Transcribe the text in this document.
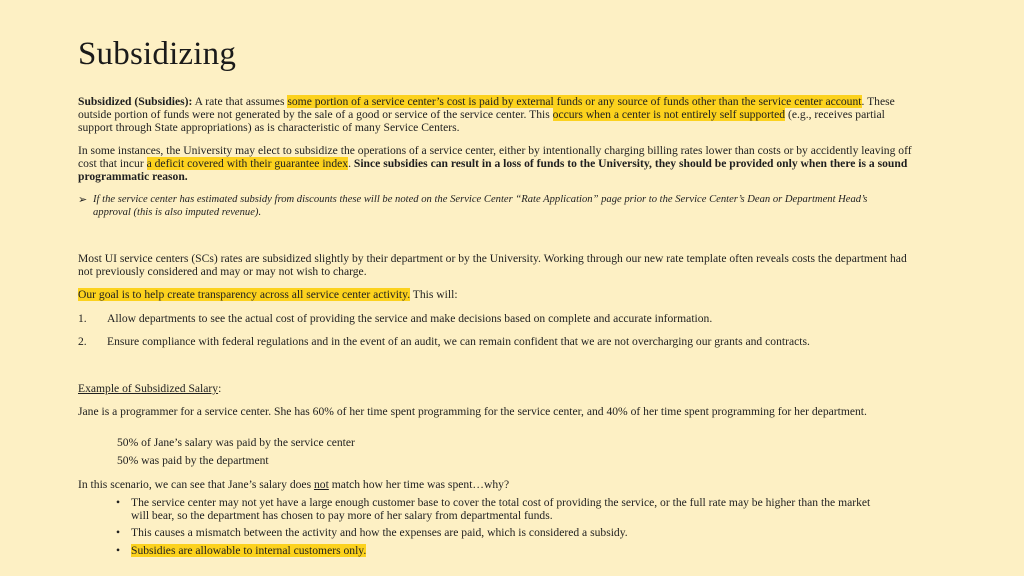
Subsidizing
Subsidized (Subsidies): A rate that assumes some portion of a service center’s cost is paid by external funds or any source of funds other than the service center account. These outside portion of funds were not generated by the sale of a good or service of the service center. This occurs when a center is not entirely self supported (e.g., receives partial support through State appropriations) as is characteristic of many Service Centers.
In some instances, the University may elect to subsidize the operations of a service center, either by intentionally charging billing rates lower than costs or by accidently leaving off cost that incur a deficit covered with their guarantee index. Since subsidies can result in a loss of funds to the University, they should be provided only when there is a sound programmatic reason.
➢ If the service center has estimated subsidy from discounts these will be noted on the Service Center “Rate Application” page prior to the Service Center’s Dean or Department Head’s approval (this is also imputed revenue).
Most UI service centers (SCs) rates are subsidized slightly by their department or by the University. Working through our new rate template often reveals costs the department had not previously considered and may or may not wish to charge.
Our goal is to help create transparency across all service center activity. This will:
1. Allow departments to see the actual cost of providing the service and make decisions based on complete and accurate information.
2. Ensure compliance with federal regulations and in the event of an audit, we can remain confident that we are not overcharging our grants and contracts.
Example of Subsidized Salary:
Jane is a programmer for a service center. She has 60% of her time spent programming for the service center, and 40% of her time spent programming for her department.
50% of Jane’s salary was paid by the service center
50% was paid by the department
In this scenario, we can see that Jane’s salary does not match how her time was spent…why?
• The service center may not yet have a large enough customer base to cover the total cost of providing the service, or the full rate may be higher than the market will bear, so the department has chosen to pay more of her salary from departmental funds.
• This causes a mismatch between the activity and how the expenses are paid, which is considered a subsidy.
• Subsidies are allowable to internal customers only.
